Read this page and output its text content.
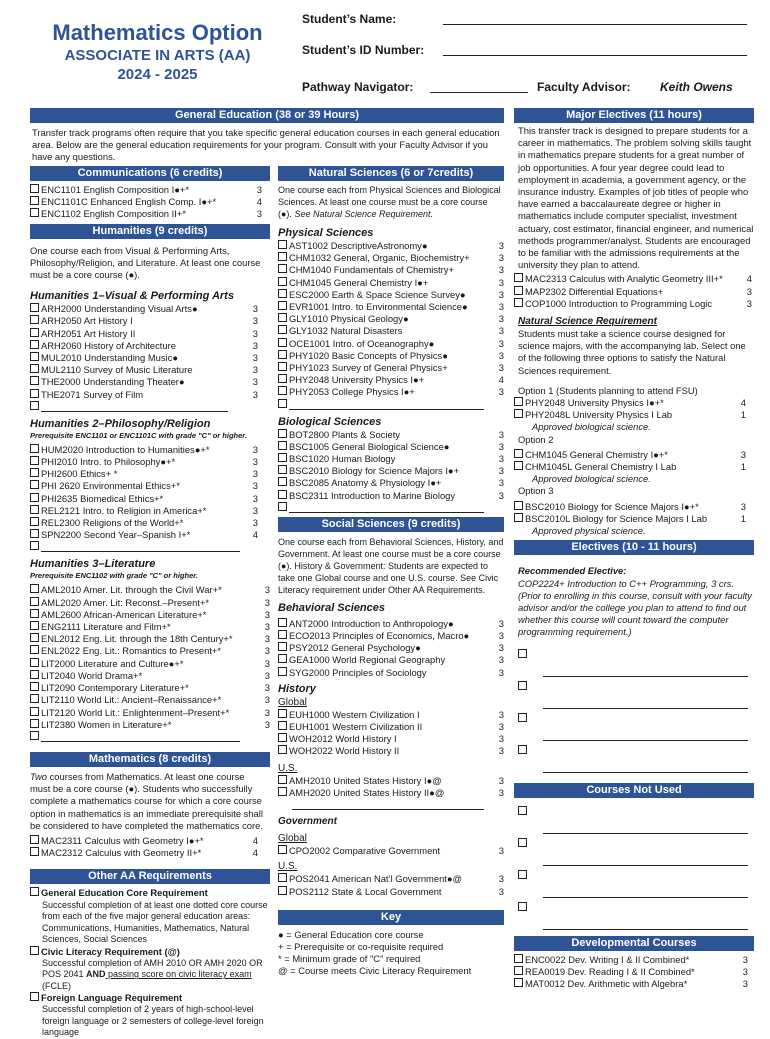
Mathematics Option
ASSOCIATE IN ARTS (AA)
2024 - 2025
Student’s Name:
Student’s ID Number:
Pathway Navigator:	Faculty Advisor: Keith Owens
General Education (38 or 39 Hours)
Transfer track programs often require that you take specific general education courses in each general education area. Below are the general education requirements for your program. Consult with your Faculty Advisor if you have any questions.
Communications (6 credits)
ENC1101 English Composition I●+*	3
ENC1101C Enhanced English Comp. I●+*	4
ENC1102 English Composition II+*	3
Humanities (9 credits)
One course each from Visual & Performing Arts, Philosophy/Religion, and Literature. At least one course must be a core course (●).
Humanities 1–Visual & Performing Arts
ARH2000 Understanding Visual Arts●	3
ARH2050 Art History I	3
ARH2051 Art History II	3
ARH2060 History of Architecture	3
MUL2010 Understanding Music●	3
MUL2110 Survey of Music Literature	3
THE2000 Understanding Theater●	3
THE2071 Survey of Film	3
Humanities 2–Philosophy/Religion
Prerequisite ENC1101 or ENC1101C with grade "C" or higher.
HUM2020 Introduction to Humanities●+*	3
PHI2010 Intro. to Philosophy●+*	3
PHI2600 Ethics+ *	3
PHI 2620 Environmental Ethics+*	3
PHI2635 Biomedical Ethics+*	3
REL2121 Intro. to Religion in America+*	3
REL2300 Religions of the World+*	3
SPN2200 Second Year–Spanish I+*	4
Humanities 3–Literature
Prerequisite ENC1102 with grade "C" or higher.
AML2010 Amer. Lit. through the Civil War+*	3
AML2020 Amer. Lit: Reconst.–Present+*	3
AML2600 African-American Literature+*	3
ENG2111 Literature and Film+*	3
ENL2012 Eng. Lit. through the 18th Century+*	3
ENL2022 Eng. Lit.: Romantics to Present+*	3
LIT2000 Literature and Culture●+*	3
LIT2040 World Drama+*	3
LIT2090 Contemporary Literature+*	3
LIT2110 World Lit.: Ancient–Renaissance+*	3
LIT2120 World Lit.: Enlightenment–Present+*	3
LIT2380 Women in Literature+*	3
Mathematics (8 credits)
Two courses from Mathematics. At least one course must be a core course (●). Students who successfully complete a mathematics course for which a core course option in mathematics is an immediate prerequisite shall be considered to have completed the mathematics core.
MAC2311 Calculus with Geometry I●+*	4
MAC2312 Calculus with Geometry II+*	4
Other AA Requirements
General Education Core Requirement
Successful completion of at least one dotted core course from each of the five major general education areas: Communications, Humanities, Mathematics, Natural Sciences, Social Sciences
Civic Literacy Requirement (@)
Successful completion of AMH 2010 OR AMH 2020 OR POS 2041 AND passing score on civic literacy exam (FCLE)
Foreign Language Requirement
Successful completion of 2 years of high-school-level foreign language or 2 semesters of college-level foreign language
Natural Sciences (6 or 7credits)
One course each from Physical Sciences and Biological Sciences. At least one course must be a core course (●). See Natural Science Requirement.
Physical Sciences
AST1002 DescriptiveAstronomy●	3
CHM1032 General, Organic, Biochemistry+	3
CHM1040 Fundamentals of Chemistry+	3
CHM1045 General Chemistry I●+	3
ESC2000 Earth & Space Science Survey●	3
EVR1001 Intro. to Environmental Science●	3
GLY1010 Physical Geology●	3
GLY1032 Natural Disasters	3
OCE1001 Intro. of Oceanography●	3
PHY1020 Basic Concepts of Physics●	3
PHY1023 Survey of General Physics+	3
PHY2048 University Physics I●+	4
PHY2053 College Physics I●+	3
Biological Sciences
BOT2800 Plants & Society	3
BSC1005 General Biological Science●	3
BSC1020 Human Biology	3
BSC2010 Biology for Science Majors I●+	3
BSC2085 Anatomy & Physiology I●+	3
BSC2311 Introduction to Marine Biology	3
Social Sciences (9 credits)
One course each from Behavioral Sciences, History, and Government. At least one course must be a core course (●). History & Government: Students are expected to take one Global course and one U.S. course. See Civic Literacy requirement under Other AA Requirements.
Behavioral Sciences
ANT2000 Introduction to Anthropology●	3
ECO2013 Principles of Economics, Macro●	3
PSY2012 General Psychology●	3
GEA1000 World Regional Geography	3
SYG2000 Principles of Sociology	3
History
Global
EUH1000 Western Civilization I	3
EUH1001 Western Civilization II	3
WOH2012 World History I	3
WOH2022 World History II	3
U.S.
AMH2010 United States History I●@	3
AMH2020 United States History II●@	3
Government
Global
CPO2002 Comparative Government	3
U.S.
POS2041 American Nat’l Government●@	3
POS2112 State & Local Government	3
Key
● = General Education core course
+ = Prerequisite or co-requisite required
* = Minimum grade of "C" required
@ = Course meets Civic Literacy Requirement
Major Electives (11 hours)
This transfer track is designed to prepare students for a career in mathematics. The problem solving skills taught in mathematics prepare students for a great number of job opportunities. A four year degree could lead to employment in academia, a government agency, or the insurance industry. Examples of job titles of people who have earned a baccalaureate degree or higher in mathematics include computer specialist, investment actuary, cost estimator, financial engineer, and numerical methods programmer/analyst. Students are encouraged to be familiar with the admissions requirements at the university they plan to attend.
MAC2313 Calculus with Analytic Geometry III+*	4
MAP2302 Differential Equations+	3
COP1000 Introduction to Programming Logic	3
Natural Science Requirement
Students must take a science course designed for science majors, with the accompanying lab. Select one of the following three options to satisfy the Natural Sciences requirement.
Option 1 (Students planning to attend FSU)
PHY2048 University Physics I●+*	4
PHY2048L University Physics I Lab	1
Approved biological science.
Option 2
CHM1045 General Chemistry I●+*	3
CHM1045L General Chemistry I Lab	1
Approved biological science.
Option 3
BSC2010 Biology for Science Majors I●+*	3
BSC2010L Biology for Science Majors I Lab	1
Approved physical science.
Electives (10 - 11 hours)
Recommended Elective:
COP2224+ Introduction to C++ Programming, 3 crs.
(Prior to enrolling in this course, consult with your faculty advisor and/or the college you plan to attend to find out whether this course will count toward the computer programming requirement.)
Courses Not Used
Developmental Courses
ENC0022 Dev. Writing I & II Combined*	3
REA0019 Dev. Reading I & II Combined*	3
MAT0012 Dev. Arithmetic with Algebra*	3
